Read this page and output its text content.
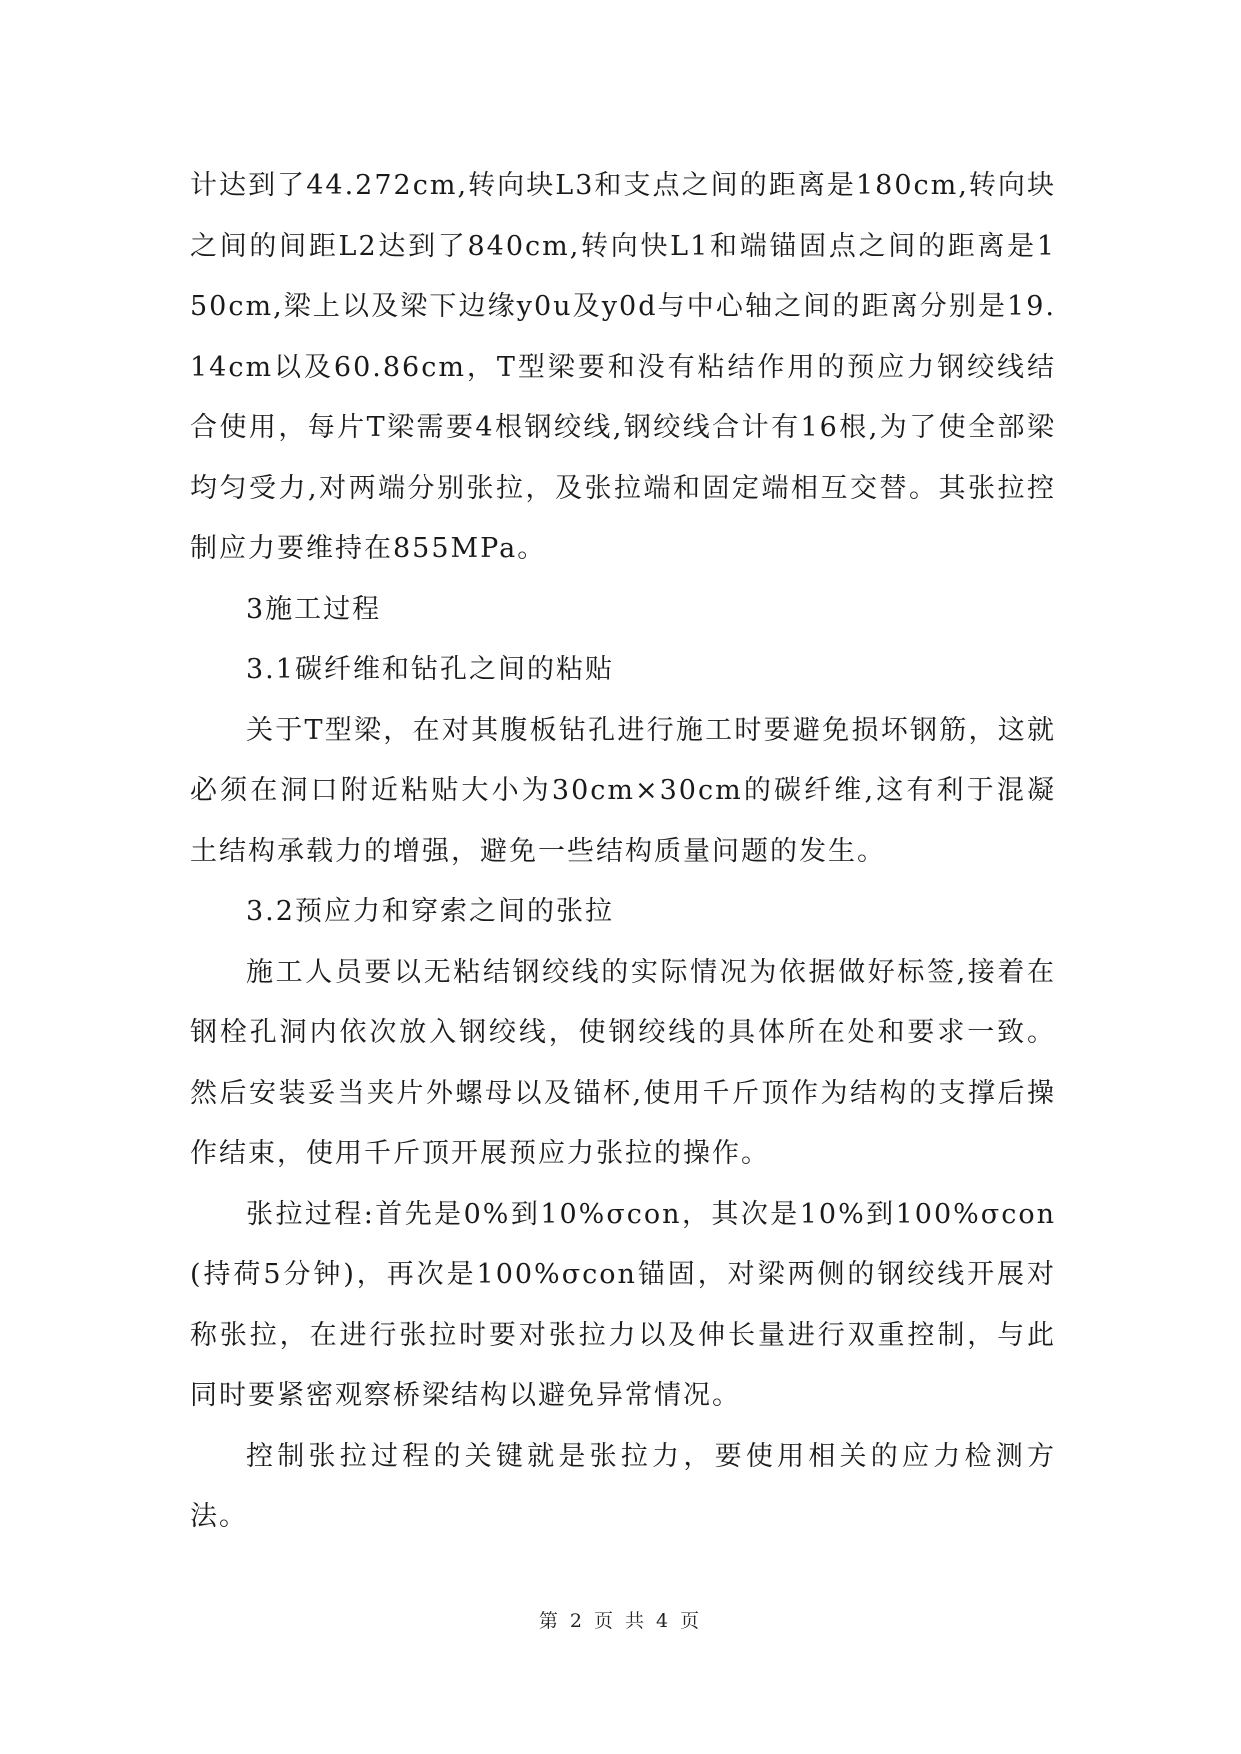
计达到了44.272cm,转向块L3和支点之间的距离是180cm,转向块之间的间距L2达到了840cm,转向快L1和端锚固点之间的距离是150cm,梁上以及梁下边缘y0u及y0d与中心轴之间的距离分别是19.14cm以及60.86cm，T型梁要和没有粘结作用的预应力钢绞线结合使用，每片T梁需要4根钢绞线,钢绞线合计有16根,为了使全部梁均匀受力,对两端分别张拉，及张拉端和固定端相互交替。其张拉控制应力要维持在855MPa。

3施工过程

3.1碳纤维和钻孔之间的粘贴

关于T型梁，在对其腹板钻孔进行施工时要避免损坏钢筋，这就必须在洞口附近粘贴大小为30cm×30cm的碳纤维,这有利于混凝土结构承载力的增强，避免一些结构质量问题的发生。

3.2预应力和穿索之间的张拉

施工人员要以无粘结钢绞线的实际情况为依据做好标签,接着在钢栓孔洞内依次放入钢绞线，使钢绞线的具体所在处和要求一致。然后安装妥当夹片外螺母以及锚杯,使用千斤顶作为结构的支撑后操作结束，使用千斤顶开展预应力张拉的操作。

张拉过程:首先是0%到10%σcon，其次是10%到100%σcon(持荷5分钟)，再次是100%σcon锚固，对梁两侧的钢绞线开展对称张拉，在进行张拉时要对张拉力以及伸长量进行双重控制，与此同时要紧密观察桥梁结构以避免异常情况。

控制张拉过程的关键就是张拉力，要使用相关的应力检测方法。

第 2 页 共 4 页
